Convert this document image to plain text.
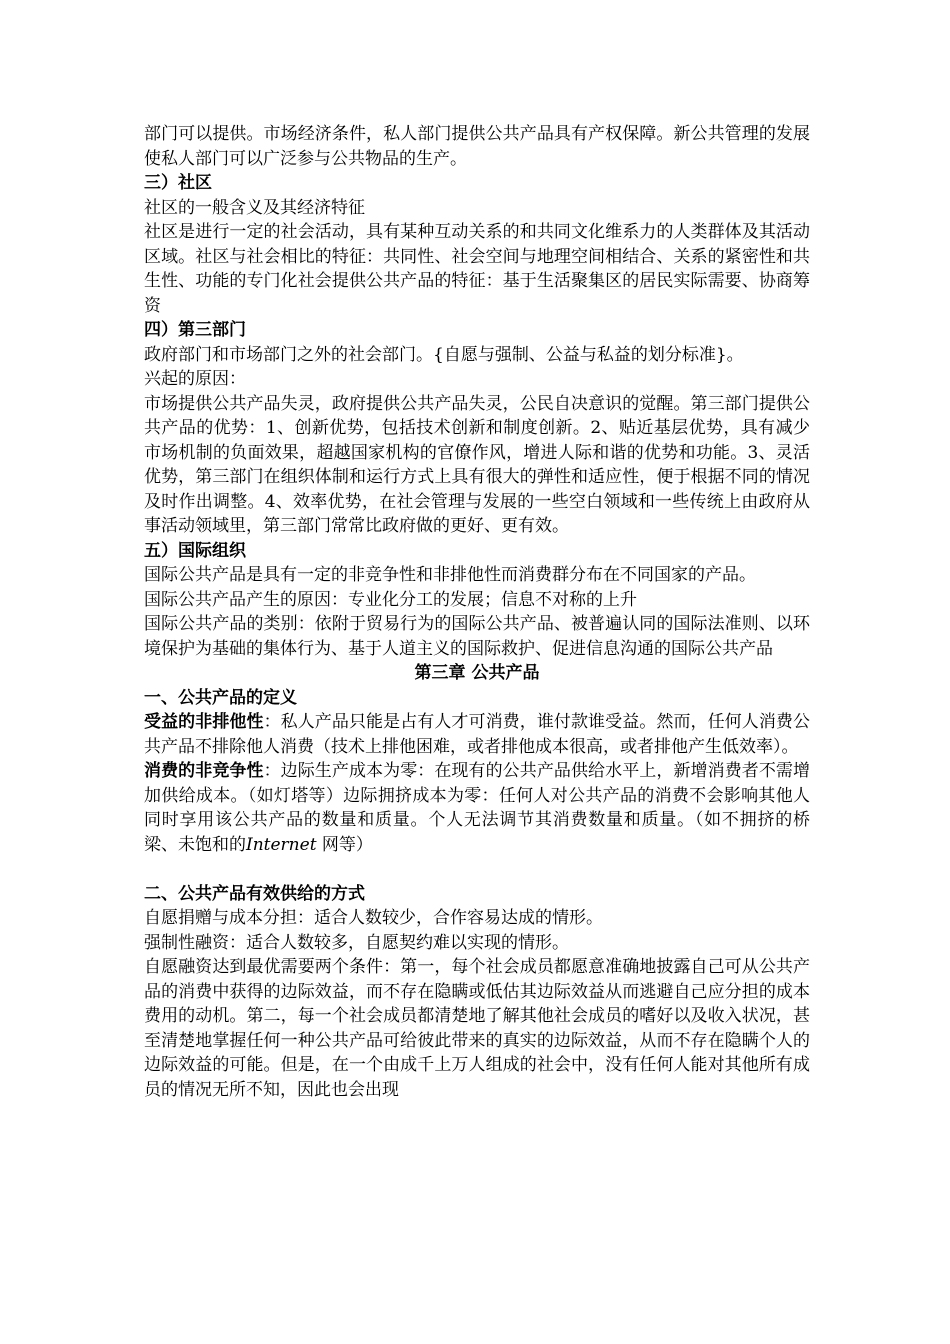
部门可以提供。市场经济条件，私人部门提供公共产品具有产权保障。新公共管理的发展使私人部门可以广泛参与公共物品的生产。

三）社区

社区的一般含义及其经济特征

社区是进行一定的社会活动，具有某种互动关系的和共同文化维系力的人类群体及其活动区域。社区与社会相比的特征：共同性、社会空间与地理空间相结合、关系的紧密性和共生性、功能的专门化社会提供公共产品的特征：基于生活聚集区的居民实际需要、协商筹资

四）第三部门

政府部门和市场部门之外的社会部门。{自愿与强制、公益与私益的划分标准}。

兴起的原因：

市场提供公共产品失灵，政府提供公共产品失灵，公民自决意识的觉醒。第三部门提供公共产品的优势：1、创新优势，包括技术创新和制度创新。2、贴近基层优势，具有减少市场机制的负面效果，超越国家机构的官僚作风，增进人际和谐的优势和功能。3、灵活优势，第三部门在组织体制和运行方式上具有很大的弹性和适应性，便于根据不同的情况及时作出调整。4、效率优势，在社会管理与发展的一些空白领域和一些传统上由政府从事活动领域里，第三部门常常比政府做的更好、更有效。

五）国际组织

国际公共产品是具有一定的非竞争性和非排他性而消费群分布在不同国家的产品。

国际公共产品产生的原因：专业化分工的发展；信息不对称的上升

国际公共产品的类别：依附于贸易行为的国际公共产品、被普遍认同的国际法准则、以环境保护为基础的集体行为、基于人道主义的国际救护、促进信息沟通的国际公共产品

第三章 公共产品

一、公共产品的定义

受益的非排他性：私人产品只能是占有人才可消费，谁付款谁受益。然而，任何人消费公共产品不排除他人消费（技术上排他困难，或者排他成本很高，或者排他产生低效率）。

消费的非竞争性：边际生产成本为零：在现有的公共产品供给水平上，新增消费者不需增加供给成本。（如灯塔等）边际拥挤成本为零：任何人对公共产品的消费不会影响其他人同时享用该公共产品的数量和质量。个人无法调节其消费数量和质量。（如不拥挤的桥梁、未饱和的Internet 网等）

二、公共产品有效供给的方式

自愿捐赠与成本分担：适合人数较少，合作容易达成的情形。

强制性融资：适合人数较多，自愿契约难以实现的情形。

自愿融资达到最优需要两个条件：第一，每个社会成员都愿意准确地披露自己可从公共产品的消费中获得的边际效益，而不存在隐瞒或低估其边际效益从而逃避自己应分担的成本费用的动机。第二，每一个社会成员都清楚地了解其他社会成员的嗜好以及收入状况，甚至清楚地掌握任何一种公共产品可给彼此带来的真实的边际效益，从而不存在隐瞒个人的边际效益的可能。但是，在一个由成千上万人组成的社会中，没有任何人能对其他所有成员的情况无所不知，因此也会出现
